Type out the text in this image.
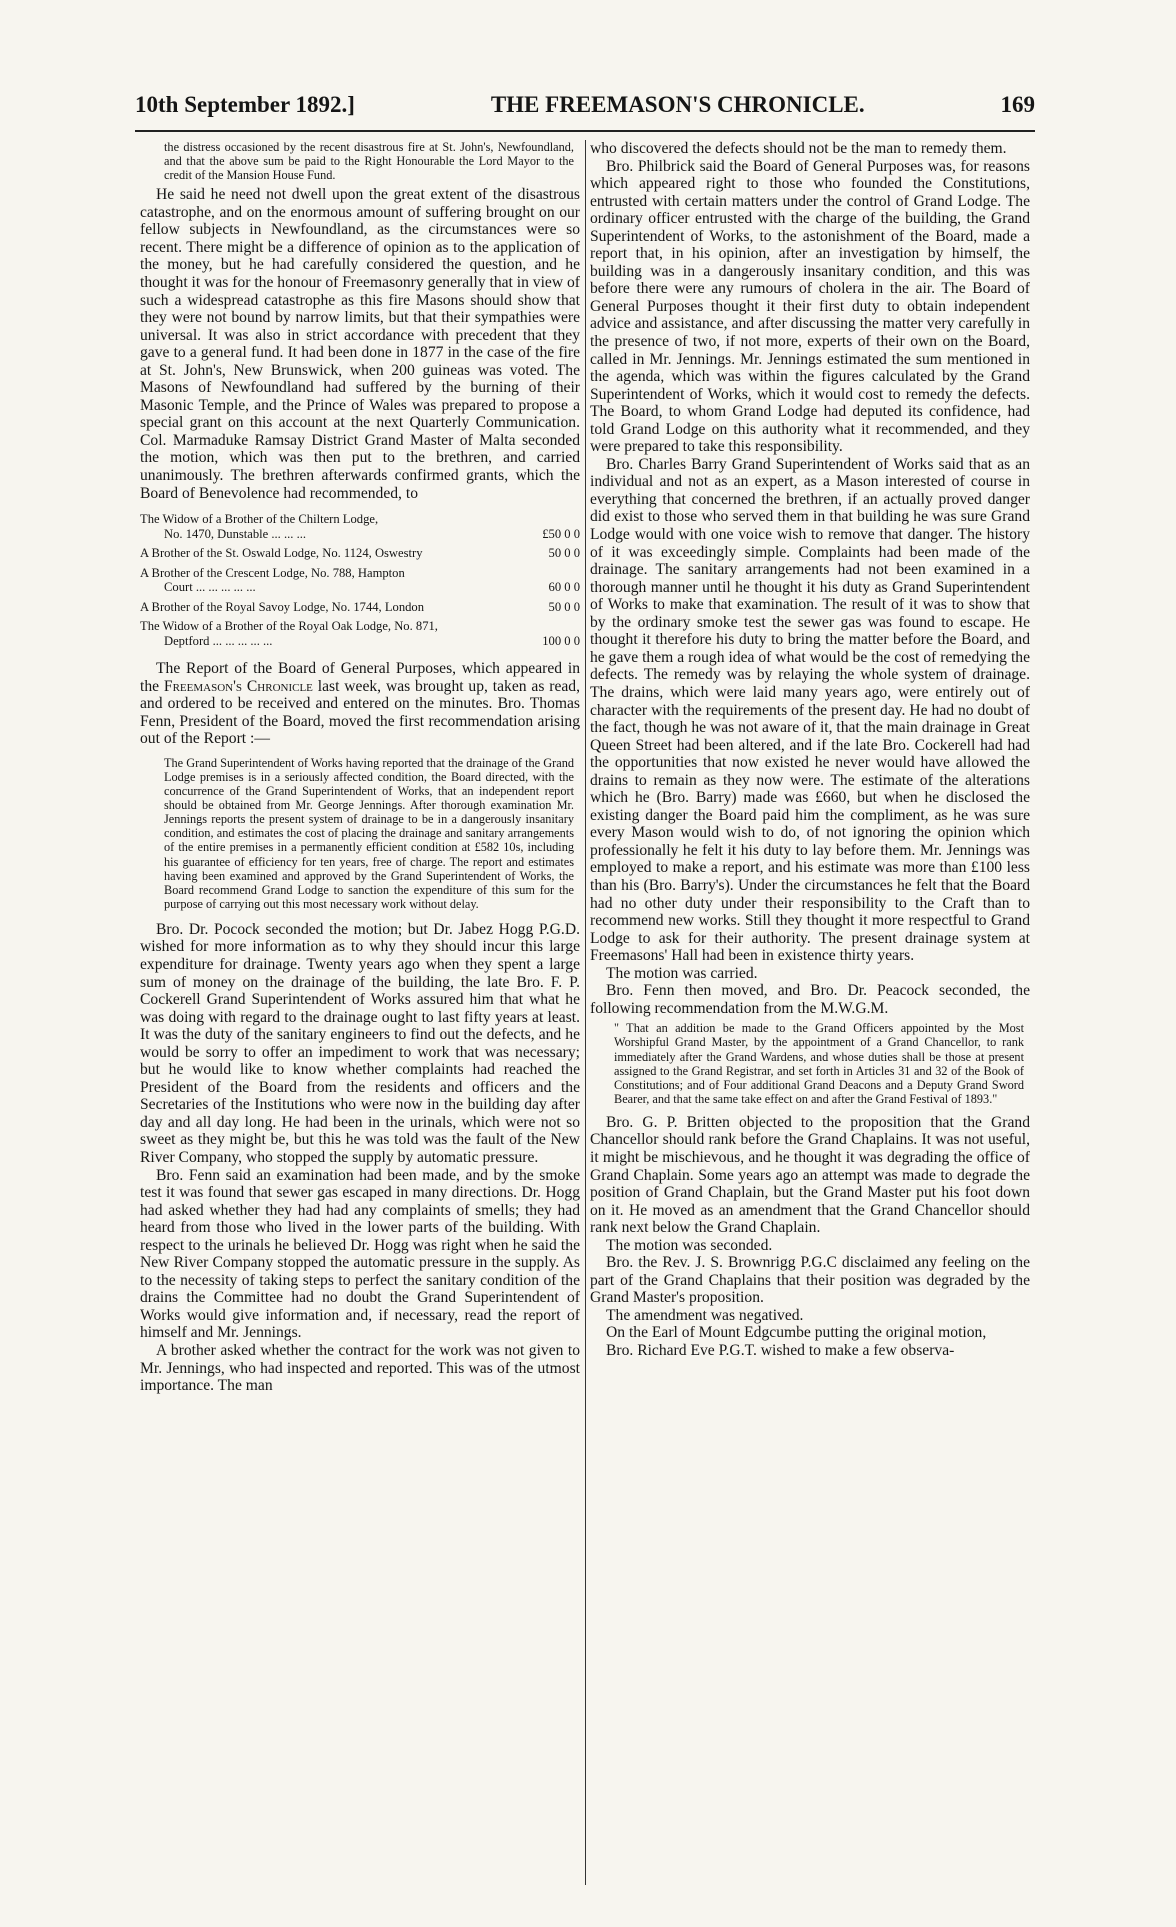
10th September 1892.]	THE FREEMASON'S CHRONICLE.	169

the distress occasioned by the recent disastrous fire at St. John's, Newfoundland, and that the above sum be paid to the Right Honourable the Lord Mayor to the credit of the Mansion House Fund.

He said he need not dwell upon the great extent of the disastrous catastrophe, and on the enormous amount of suffering brought on our fellow subjects in Newfoundland, as the circumstances were so recent. There might be a difference of opinion as to the application of the money, but he had carefully considered the question, and he thought it was for the honour of Freemasonry generally that in view of such a widespread catastrophe as this fire Masons should show that they were not bound by narrow limits, but that their sympathies were universal. It was also in strict accordance with precedent that they gave to a general fund. It had been done in 1877 in the case of the fire at St. John's, New Brunswick, when 200 guineas was voted. The Masons of Newfoundland had suffered by the burning of their Masonic Temple, and the Prince of Wales was prepared to propose a special grant on this account at the next Quarterly Communication. Col. Marmaduke Ramsay District Grand Master of Malta seconded the motion, which was then put to the brethren, and carried unanimously. The brethren afterwards confirmed grants, which the Board of Benevolence had recommended, to

The Widow of a Brother of the Chiltern Lodge,
No. 1470, Dunstable ... ... ...	£50 0 0
A Brother of the St. Oswald Lodge, No. 1124, Oswestry	50 0 0
A Brother of the Crescent Lodge, No. 788, Hampton
Court ... ... ... ... ...	60 0 0
A Brother of the Royal Savoy Lodge, No. 1744, London	50 0 0
The Widow of a Brother of the Royal Oak Lodge, No. 871,
Deptford ... ... ... ... ...	100 0 0

The Report of the Board of General Purposes, which appeared in the Freemason's Chronicle last week, was brought up, taken as read, and ordered to be received and entered on the minutes. Bro. Thomas Fenn, President of the Board, moved the first recommendation arising out of the Report :—

The Grand Superintendent of Works having reported that the drainage of the Grand Lodge premises is in a seriously affected condition, the Board directed, with the concurrence of the Grand Superintendent of Works, that an independent report should be obtained from Mr. George Jennings. After thorough examination Mr. Jennings reports the present system of drainage to be in a dangerously insanitary condition, and estimates the cost of placing the drainage and sanitary arrangements of the entire premises in a permanently efficient condition at £582 10s, including his guarantee of efficiency for ten years, free of charge. The report and estimates having been examined and approved by the Grand Superintendent of Works, the Board recommend Grand Lodge to sanction the expenditure of this sum for the purpose of carrying out this most necessary work without delay.

Bro. Dr. Pocock seconded the motion; but Dr. Jabez Hogg P.G.D. wished for more information as to why they should incur this large expenditure for drainage. Twenty years ago when they spent a large sum of money on the drainage of the building, the late Bro. F. P. Cockerell Grand Superintendent of Works assured him that what he was doing with regard to the drainage ought to last fifty years at least. It was the duty of the sanitary engineers to find out the defects, and he would be sorry to offer an impediment to work that was necessary; but he would like to know whether complaints had reached the President of the Board from the residents and officers and the Secretaries of the Institutions who were now in the building day after day and all day long. He had been in the urinals, which were not so sweet as they might be, but this he was told was the fault of the New River Company, who stopped the supply by automatic pressure.

Bro. Fenn said an examination had been made, and by the smoke test it was found that sewer gas escaped in many directions. Dr. Hogg had asked whether they had had any complaints of smells; they had heard from those who lived in the lower parts of the building. With respect to the urinals he believed Dr. Hogg was right when he said the New River Company stopped the automatic pressure in the supply. As to the necessity of taking steps to perfect the sanitary condition of the drains the Committee had no doubt the Grand Superintendent of Works would give information and, if necessary, read the report of himself and Mr. Jennings.

A brother asked whether the contract for the work was not given to Mr. Jennings, who had inspected and reported. This was of the utmost importance. The man

who discovered the defects should not be the man to remedy them.

Bro. Philbrick said the Board of General Purposes was, for reasons which appeared right to those who founded the Constitutions, entrusted with certain matters under the control of Grand Lodge. The ordinary officer entrusted with the charge of the building, the Grand Superintendent of Works, to the astonishment of the Board, made a report that, in his opinion, after an investigation by himself, the building was in a dangerously insanitary condition, and this was before there were any rumours of cholera in the air. The Board of General Purposes thought it their first duty to obtain independent advice and assistance, and after discussing the matter very carefully in the presence of two, if not more, experts of their own on the Board, called in Mr. Jennings. Mr. Jennings estimated the sum mentioned in the agenda, which was within the figures calculated by the Grand Superintendent of Works, which it would cost to remedy the defects. The Board, to whom Grand Lodge had deputed its confidence, had told Grand Lodge on this authority what it recommended, and they were prepared to take this responsibility.

Bro. Charles Barry Grand Superintendent of Works said that as an individual and not as an expert, as a Mason interested of course in everything that concerned the brethren, if an actually proved danger did exist to those who served them in that building he was sure Grand Lodge would with one voice wish to remove that danger. The history of it was exceedingly simple. Complaints had been made of the drainage. The sanitary arrangements had not been examined in a thorough manner until he thought it his duty as Grand Superintendent of Works to make that examination. The result of it was to show that by the ordinary smoke test the sewer gas was found to escape. He thought it therefore his duty to bring the matter before the Board, and he gave them a rough idea of what would be the cost of remedying the defects. The remedy was by relaying the whole system of drainage. The drains, which were laid many years ago, were entirely out of character with the requirements of the present day. He had no doubt of the fact, though he was not aware of it, that the main drainage in Great Queen Street had been altered, and if the late Bro. Cockerell had had the opportunities that now existed he never would have allowed the drains to remain as they now were. The estimate of the alterations which he (Bro. Barry) made was £660, but when he disclosed the existing danger the Board paid him the compliment, as he was sure every Mason would wish to do, of not ignoring the opinion which professionally he felt it his duty to lay before them. Mr. Jennings was employed to make a report, and his estimate was more than £100 less than his (Bro. Barry's). Under the circumstances he felt that the Board had no other duty under their responsibility to the Craft than to recommend new works. Still they thought it more respectful to Grand Lodge to ask for their authority. The present drainage system at Freemasons' Hall had been in existence thirty years.

The motion was carried.

Bro. Fenn then moved, and Bro. Dr. Peacock seconded, the following recommendation from the M.W.G.M.

" That an addition be made to the Grand Officers appointed by the Most Worshipful Grand Master, by the appointment of a Grand Chancellor, to rank immediately after the Grand Wardens, and whose duties shall be those at present assigned to the Grand Registrar, and set forth in Articles 31 and 32 of the Book of Constitutions; and of Four additional Grand Deacons and a Deputy Grand Sword Bearer, and that the same take effect on and after the Grand Festival of 1893."

Bro. G. P. Britten objected to the proposition that the Grand Chancellor should rank before the Grand Chaplains. It was not useful, it might be mischievous, and he thought it was degrading the office of Grand Chaplain. Some years ago an attempt was made to degrade the position of Grand Chaplain, but the Grand Master put his foot down on it. He moved as an amendment that the Grand Chancellor should rank next below the Grand Chaplain.

The motion was seconded.

Bro. the Rev. J. S. Brownrigg P.G.C disclaimed any feeling on the part of the Grand Chaplains that their position was degraded by the Grand Master's proposition.

The amendment was negatived.

On the Earl of Mount Edgcumbe putting the original motion,

Bro. Richard Eve P.G.T. wished to make a few observa-
